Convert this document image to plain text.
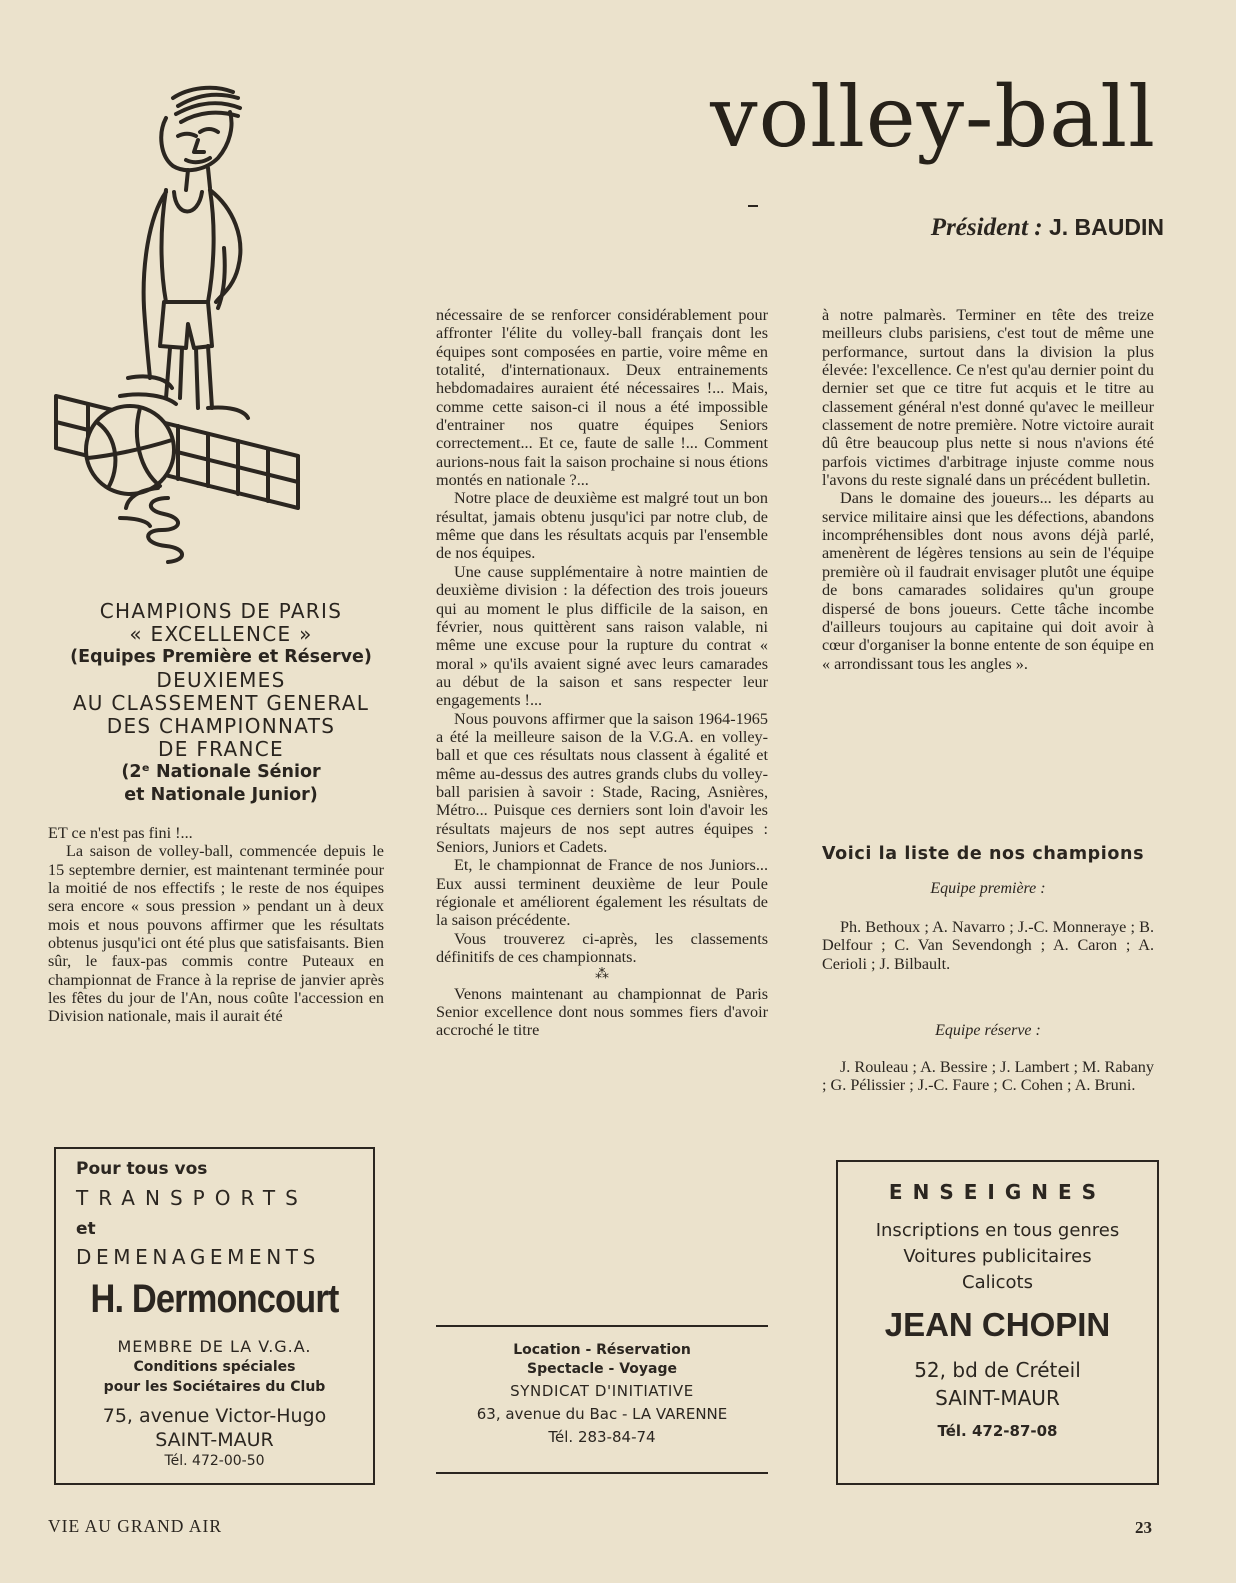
volley-ball
Président : J. BAUDIN
CHAMPIONS DE PARIS
« EXCELLENCE »
(Equipes Première et Réserve)
DEUXIEMES
AU CLASSEMENT GENERAL
DES CHAMPIONNATS
DE FRANCE
(2ᵉ Nationale Sénior
et Nationale Junior)

ET ce n'est pas fini !...

La saison de volley-ball, commencée depuis le 15 septembre dernier, est maintenant terminée pour la moitié de nos effectifs ; le reste de nos équipes sera encore « sous pression » pendant un à deux mois et nous pouvons affirmer que les résultats obtenus jusqu'ici ont été plus que satisfaisants. Bien sûr, le faux-pas commis contre Puteaux en championnat de France à la reprise de janvier après les fêtes du jour de l'An, nous coûte l'accession en Division nationale, mais il aurait été

nécessaire de se renforcer considérablement pour affronter l'élite du volley-ball français dont les équipes sont composées en partie, voire même en totalité, d'internationaux. Deux entrainements hebdomadaires auraient été nécessaires !... Mais, comme cette saison-ci il nous a été impossible d'entrainer nos quatre équipes Seniors correctement... Et ce, faute de salle !... Comment aurions-nous fait la saison prochaine si nous étions montés en nationale ?...

Notre place de deuxième est malgré tout un bon résultat, jamais obtenu jusqu'ici par notre club, de même que dans les résultats acquis par l'ensemble de nos équipes.

Une cause supplémentaire à notre maintien de deuxième division : la défection des trois joueurs qui au moment le plus difficile de la saison, en février, nous quittèrent sans raison valable, ni même une excuse pour la rupture du contrat « moral » qu'ils avaient signé avec leurs camarades au début de la saison et sans respecter leur engagements !...

Nous pouvons affirmer que la saison 1964-1965 a été la meilleure saison de la V.G.A. en volley-ball et que ces résultats nous classent à égalité et même au-dessus des autres grands clubs du volley-ball parisien à savoir : Stade, Racing, Asnières, Métro... Puisque ces derniers sont loin d'avoir les résultats majeurs de nos sept autres équipes : Seniors, Juniors et Cadets.

Et, le championnat de France de nos Juniors... Eux aussi terminent deuxième de leur Poule régionale et améliorent également les résultats de la saison précédente.

Vous trouverez ci-après, les classements définitifs de ces championnats.

⁂

Venons maintenant au championnat de Paris Senior excellence dont nous sommes fiers d'avoir accroché le titre

à notre palmarès. Terminer en tête des treize meilleurs clubs parisiens, c'est tout de même une performance, surtout dans la division la plus élevée: l'excellence. Ce n'est qu'au dernier point du dernier set que ce titre fut acquis et le titre au classement général n'est donné qu'avec le meilleur classement de notre première. Notre victoire aurait dû être beaucoup plus nette si nous n'avions été parfois victimes d'arbitrage injuste comme nous l'avons du reste signalé dans un précédent bulletin.

Dans le domaine des joueurs... les départs au service militaire ainsi que les défections, abandons incompréhensibles dont nous avons déjà parlé, amenèrent de légères tensions au sein de l'équipe première où il faudrait envisager plutôt une équipe de bons camarades solidaires qu'un groupe dispersé de bons joueurs. Cette tâche incombe d'ailleurs toujours au capitaine qui doit avoir à cœur d'organiser la bonne entente de son équipe en « arrondissant tous les angles ».

Voici la liste de nos champions
Equipe première :
Ph. Bethoux ; A. Navarro ; J.-C. Monneraye ; B. Delfour ; C. Van Sevendongh ; A. Caron ; A. Cerioli ; J. Bilbault.
Equipe réserve :
J. Rouleau ; A. Bessire ; J. Lambert ; M. Rabany ; G. Pélissier ; J.-C. Faure ; C. Cohen ; A. Bruni.
Pour tous vos
TRANSPORTS
et
DEMENAGEMENTS
H. Dermoncourt
MEMBRE DE LA V.G.A.
Conditions spéciales
pour les Sociétaires du Club
75, avenue Victor-Hugo
SAINT-MAUR
Tél. 472-00-50
Location - Réservation
Spectacle - Voyage
SYNDICAT D'INITIATIVE
63, avenue du Bac - LA VARENNE
Tél. 283-84-74
ENSEIGNES
Inscriptions en tous genres
Voitures publicitaires
Calicots
JEAN CHOPIN
52, bd de Créteil
SAINT-MAUR
Tél. 472-87-08
VIE AU GRAND AIR	23
